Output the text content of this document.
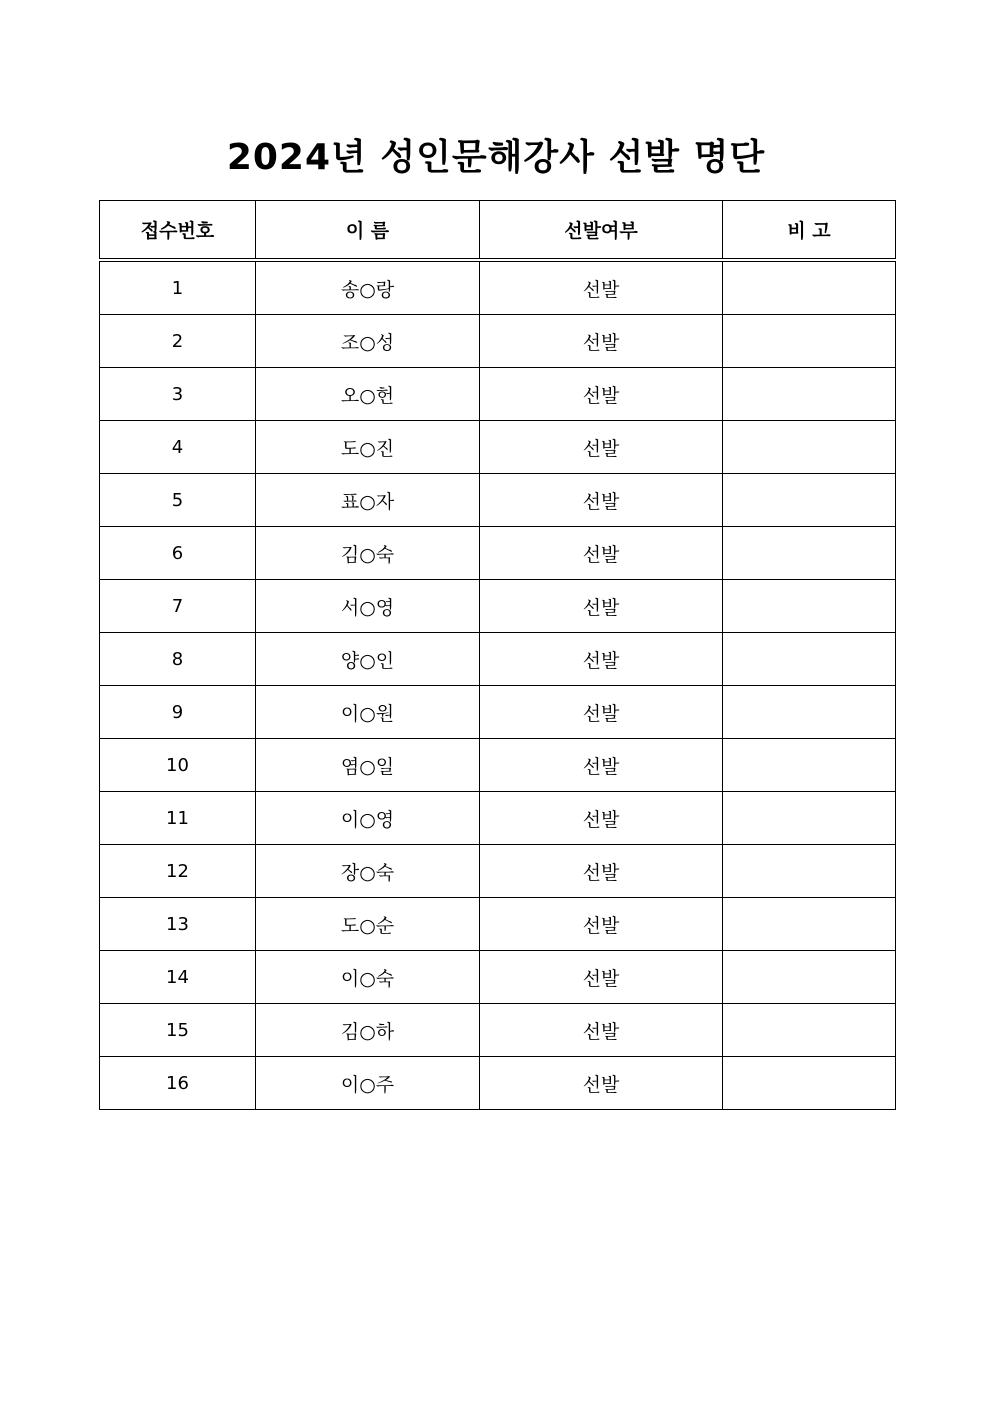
2024년 성인문해강사 선발 명단
접수번호	이 름	선발여부	비 고
1	송○랑	선발	
2	조○성	선발	
3	오○헌	선발	
4	도○진	선발	
5	표○자	선발	
6	김○숙	선발	
7	서○영	선발	
8	양○인	선발	
9	이○원	선발	
10	염○일	선발	
11	이○영	선발	
12	장○숙	선발	
13	도○순	선발	
14	이○숙	선발	
15	김○하	선발	
16	이○주	선발	
